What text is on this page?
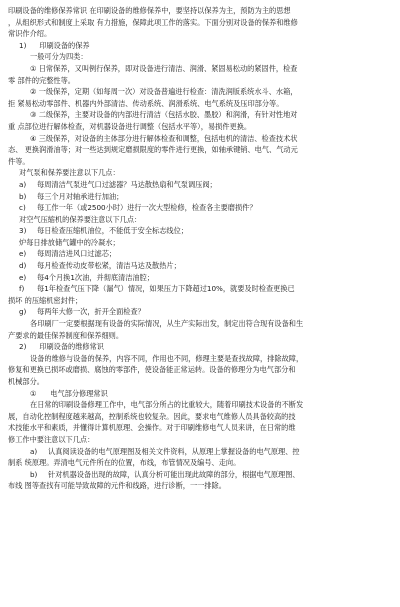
印刷设备的维修保养常识 在印刷设备的维修保养中，要坚持以保养为主，预防为主的思想
，从组织形式和制度上采取 有力措施，保障此项工作的落实。下面分别对设备的保养和维修
常识作介绍。
1) 印刷设备的保养
一般可分为四类：
① 日常保养，又叫例行保养，即对设备进行清洁、润滑、紧固易松动的紧固件，检查
零 部件的完整性等。
② 一级保养，定期（如每周一次）对设备普遍进行检查：清洗润版系统水斗、水箱，
拒 紧易松动零部件、机器内外部清洁、传动系统、润滑系统、电气系统及压印部分等。
③ 二级保养，主要对设备的内部进行清洁（包括水胶、墨胶）和润滑，有针对性地对
重 点部位进行解体检查，对机器设备进行调整（包括水平等），易损件更换。
④ 三级保养，对设备的主体部分进行解体检查和调整，包括电机的清洁、检查技术状
态、 更换润滑油等；对一些达到规定磨损限度的零件进行更换，如轴承键销、电气、气动元
件等。
对气泵和保养要注意以下几点：
a) 每周清洁气泵进气口过滤器？马达散热扇和气泵调压阀；
b) 每三个月对轴承进行加油；
c) 每工作一年（或2500小时）进行一次大型检修，检查各主要磨损件？
对空气压缩机的保养要注意以下几点：
3) 每日检查压缩机油位，不能低于安全标志线位；
炉每日排放储气罐中的冷凝水；
e) 每周清洁进风口过滤芯；
d) 每月检查传动皮带松紧，清洁马达及散热片；
e) 每4个月换1次油，并彻底清洁油腔；
f) 每1年检查气压下降（漏气）情况，如果压力下降超过10%，就要及时检查更换已
损坏 的压缩机密封件；
g) 每两年大修一次，折开全面检查？
各印刷厂一定要根据现有设备的实际情况，从生产实际出发，制定出符合现有设备和生
产要求的最佳保养制度和保养细则。
2) 印刷设备的维修常识
设备的维修与设备的保养，内容不同，作用也不同，修理主要是查找故障，排除故障，
修复和更换已损坏或磨损、腐蚀的零部件，使设备能正常运转。设备的修理分为电气部分和
机械部分。
① 电气部分修理常识
在日常的印刷设备修理工作中，电气部分所占的比重较大，随着印刷技术设备的不断发
展，自动化控制程度越来越高，控制系统也较复杂。因此，要求电气维修人员具备较高的技
术技能水平和素质，并懂得计算机原理、会操作。对于印刷维修电气人员来讲，在日常的维
修工作中要注意以下几点：
a) 认真阅读设备的电气原理图及相关文件资料，从原理上掌握设备的电气原理、控
制系 统原理。弄清电气元件所在的位置，布线，布管情况及编号、走向。
b) 针对机器设备出现的故障，认真分析可能出现此故障的部分，根据电气原理图、
布线 图等查找有可能导致故障的元件和线路，进行诊断，一一排除。
